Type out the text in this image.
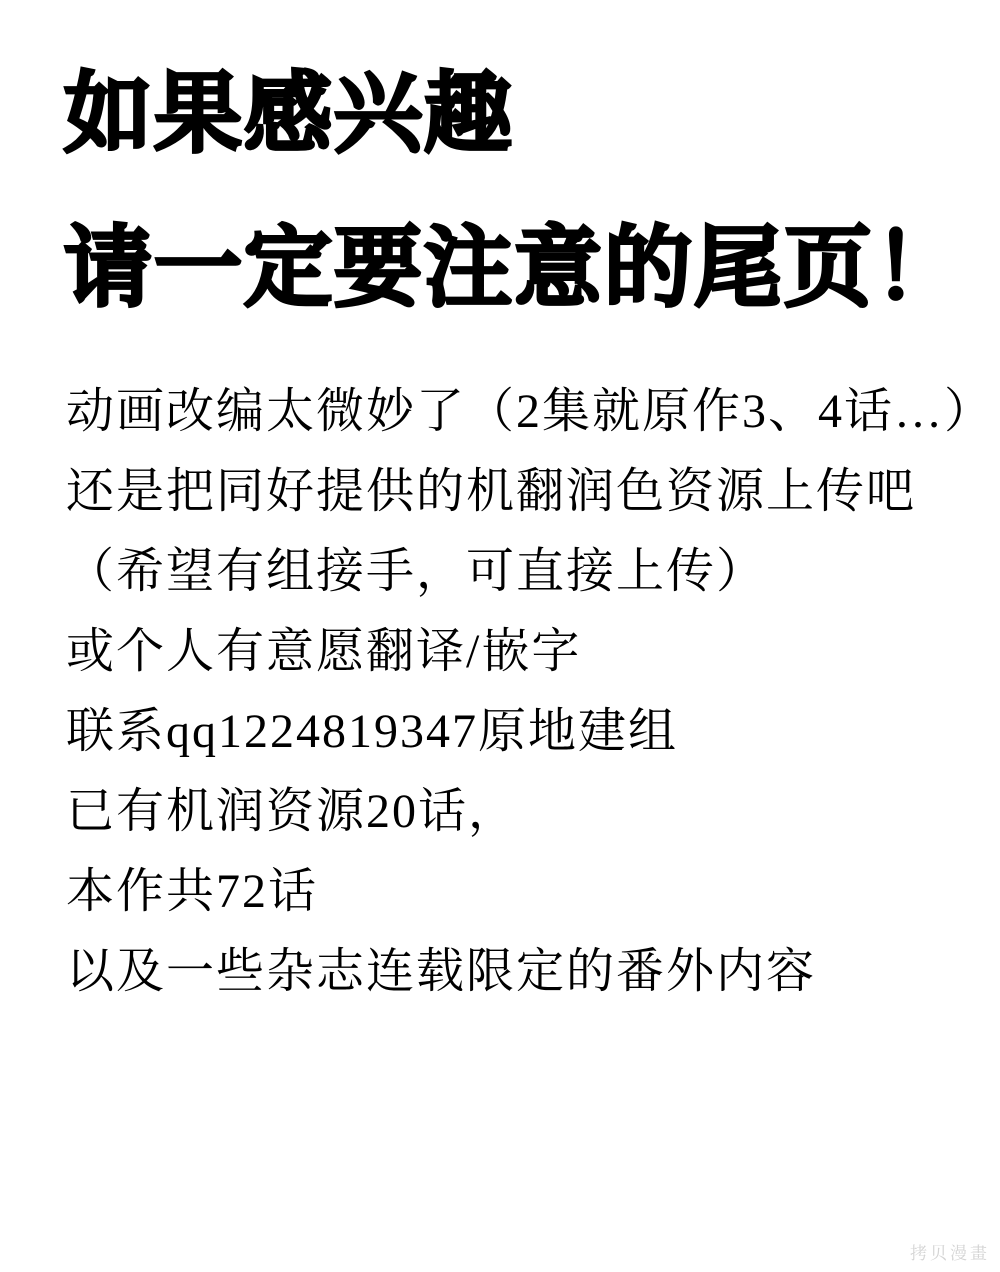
如果感兴趣
请一定要注意的尾页！

动画改编太微妙了（2集就原作3、4话…）

还是把同好提供的机翻润色资源上传吧

（希望有组接手，可直接上传）

或个人有意愿翻译/嵌字

联系qq1224819347原地建组

已有机润资源20话，

本作共72话

以及一些杂志连载限定的番外内容

拷贝漫畫
